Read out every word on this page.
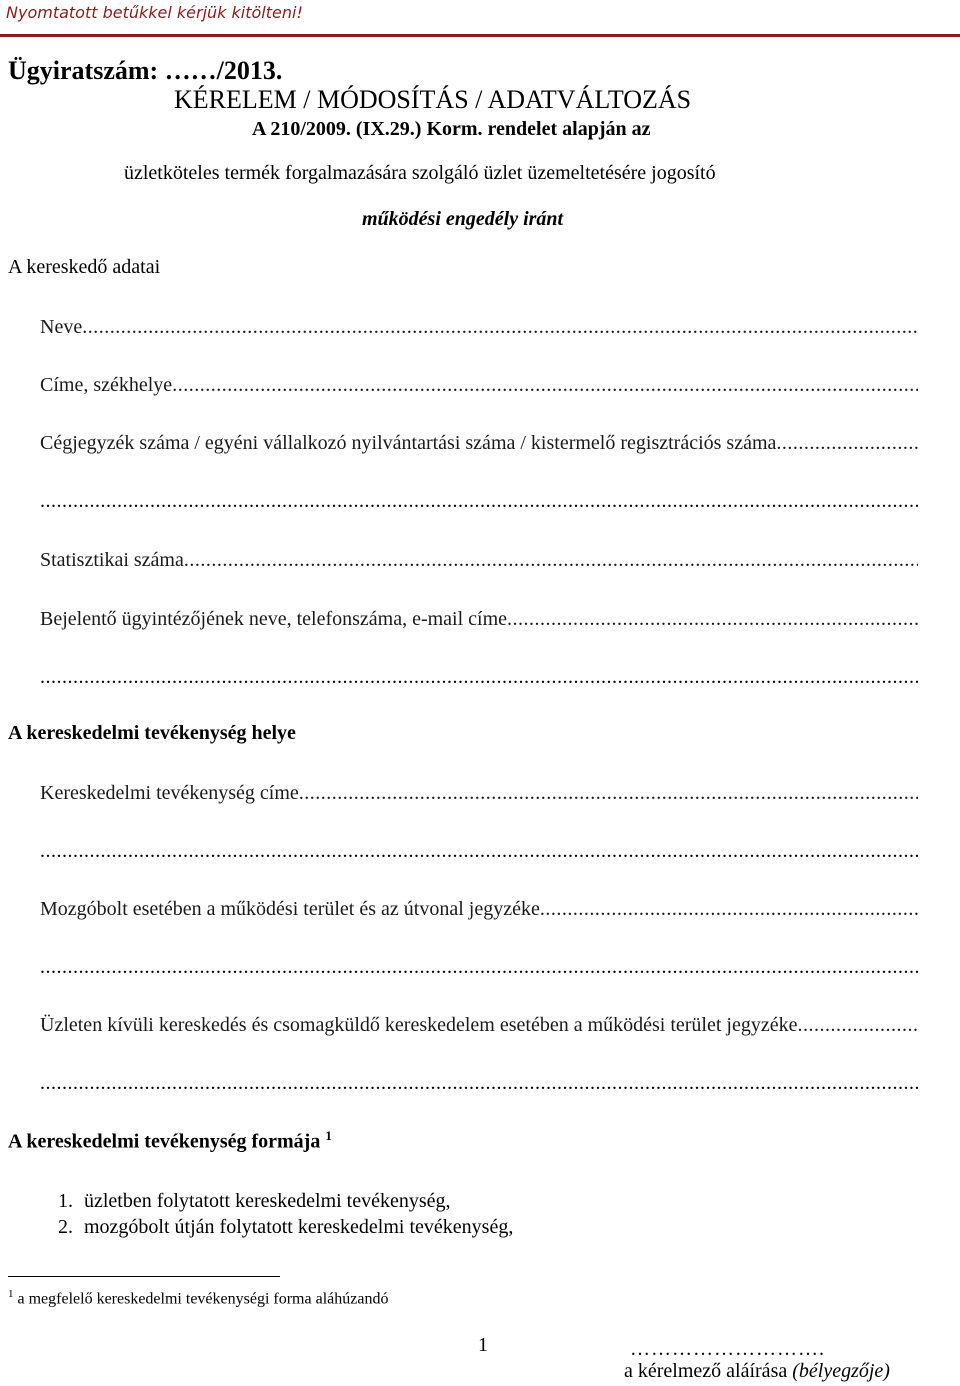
Nyomtatott betűkkel kérjük kitölteni!
Ügyiratszám: ……/2013.
KÉRELEM / MÓDOSÍTÁS / ADATVÁLTOZÁS
A 210/2009. (IX.29.) Korm. rendelet alapján az
üzletköteles termék forgalmazására szolgáló üzlet üzemeltetésére jogosító
működési engedély iránt
A kereskedő adatai
Neve
.....
Címe, székhelye
.....
Cégjegyzék száma / egyéni vállalkozó nyilvántartási száma / kistermelő regisztrációs száma
.....
.....
Statisztikai száma
.....
Bejelentő ügyintézőjének neve, telefonszáma, e-mail címe
.....
.....
A kereskedelmi tevékenység helye
Kereskedelmi tevékenység címe
.....
.....
Mozgóbolt esetében a működési terület és az útvonal jegyzéke
.....
.....
Üzleten kívüli kereskedés és csomagküldő kereskedelem esetében a működési terület jegyzéke
.....
.....
A kereskedelmi tevékenység formája $^1$
1. üzletben folytatott kereskedelmi tevékenység,
2. mozgóbolt útján folytatott kereskedelmi tevékenység,
$^1$ a megfelelő kereskedelmi tevékenységi forma aláhúzandó
1	……………………….
a kérelmező aláírása (bélyegzője)
